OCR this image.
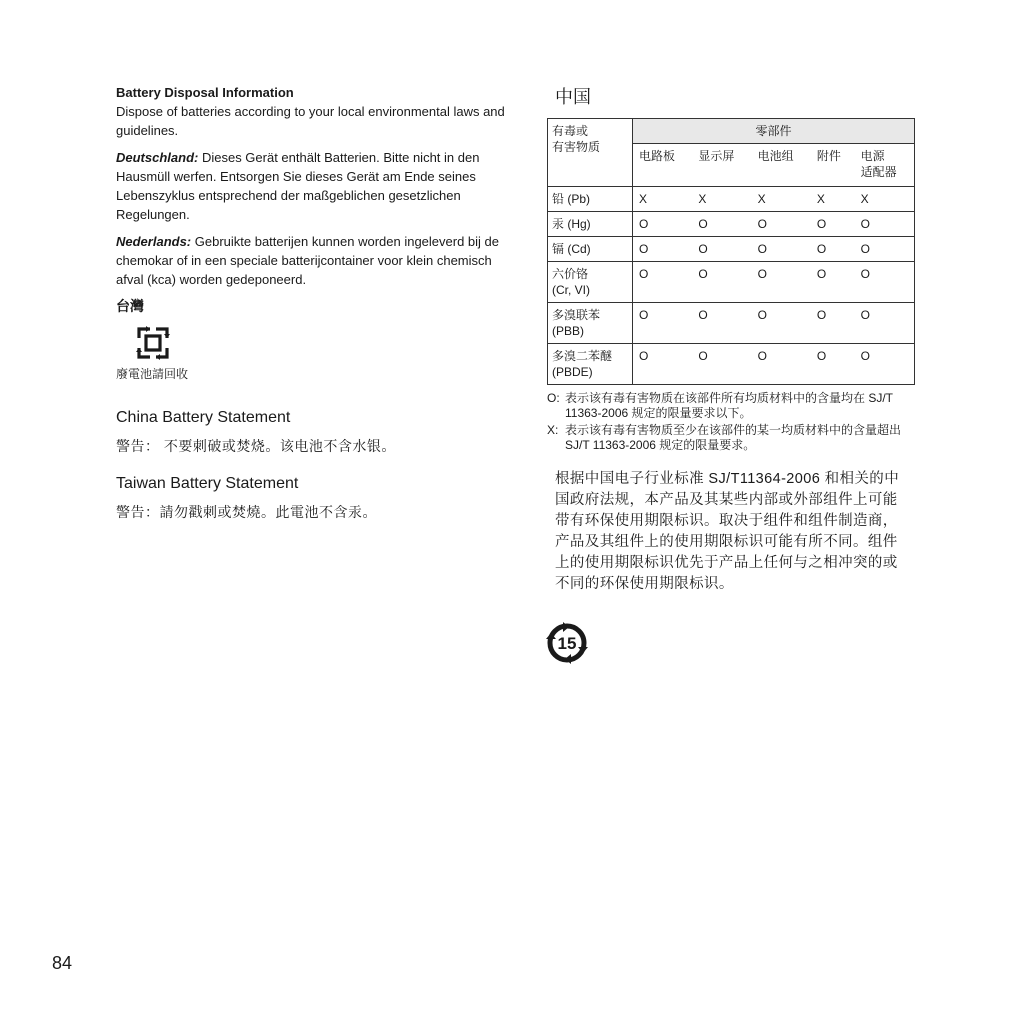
Battery Disposal Information
Dispose of batteries according to your local environmental laws and guidelines.

Deutschland: Dieses Gerät enthält Batterien. Bitte nicht in den Hausmüll werfen. Entsorgen Sie dieses Gerät am Ende seines Lebenszyklus entsprechend der maßgeblichen gesetzlichen Regelungen.

Nederlands: Gebruikte batterijen kunnen worden ingeleverd bij de chemokar of in een speciale batterijcontainer voor klein chemisch afval (kca) worden gedeponeerd.

台灣
廢電池請回收
China Battery Statement
警告： 不要刺破或焚烧。该电池不含水银。
Taiwan Battery Statement
警告：請勿戳刺或焚燒。此電池不含汞。
中国
有毒或
有害物质	零部件				
	电路板	显示屏	电池组	附件	电源
适配器
铅 (Pb)	X	X	X	X	X
汞 (Hg)	O	O	O	O	O
镉 (Cd)	O	O	O	O	O
六价铬
(Cr, VI)	O	O	O	O	O
多溴联苯
(PBB)	O	O	O	O	O
多溴二苯醚
(PBDE)	O	O	O	O	O
O: 表示该有毒有害物质在该部件所有均质材料中的含量均在 SJ/T 11363-2006 规定的限量要求以下。
X: 表示该有毒有害物质至少在该部件的某一均质材料中的含量超出 SJ/T 11363-2006 规定的限量要求。
根据中国电子行业标准 SJ/T11364-2006 和相关的中国政府法规，本产品及其某些内部或外部组件上可能带有环保使用期限标识。取决于组件和组件制造商，产品及其组件上的使用期限标识可能有所不同。组件上的使用期限标识优先于产品上任何与之相冲突的或不同的环保使用期限标识。
15
84
